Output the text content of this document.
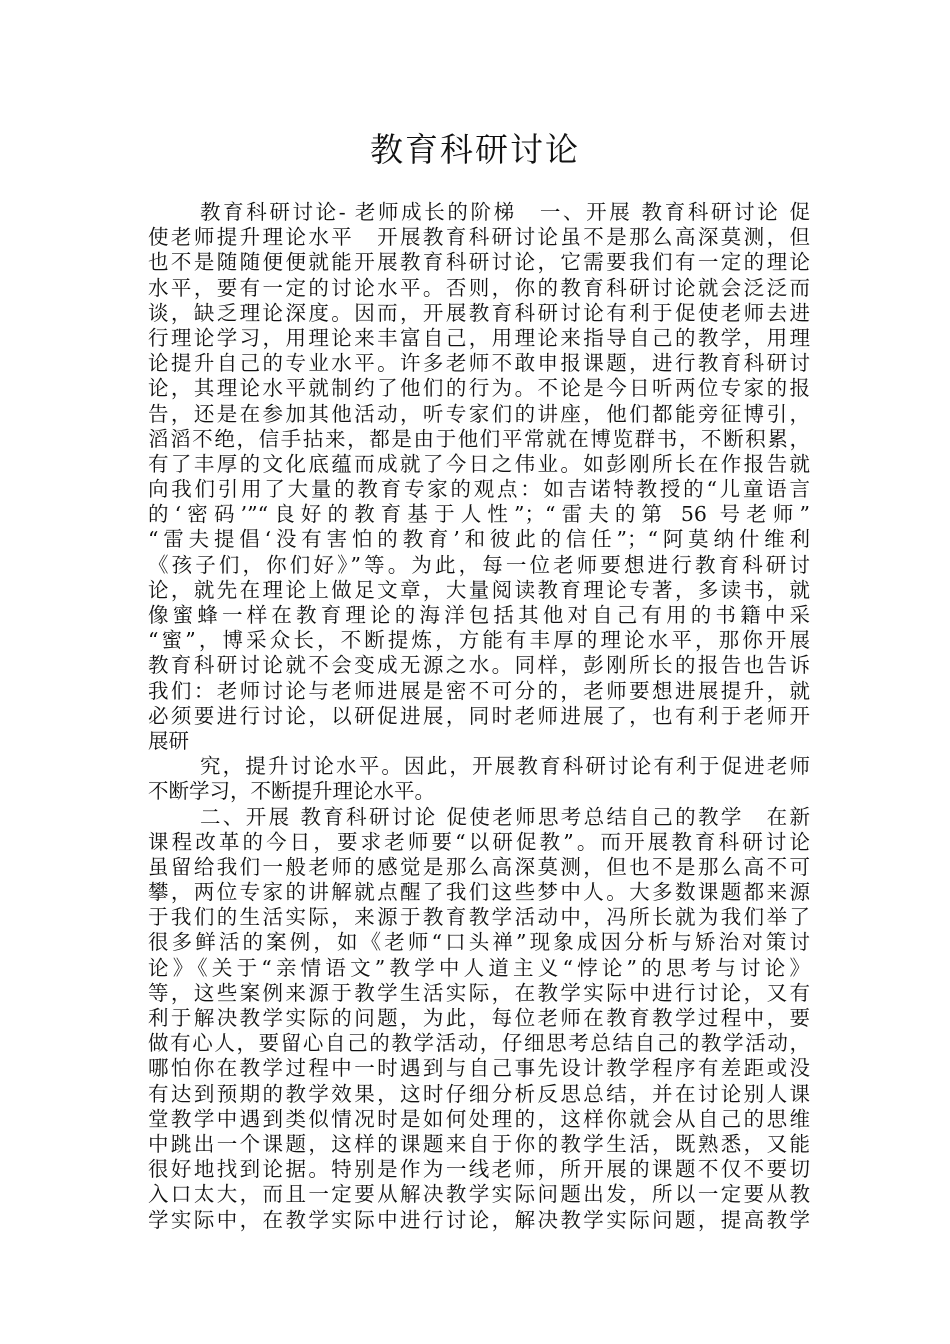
教育科研讨论
教育科研讨论- 老师成长的阶梯　一、开展 教育科研讨论 促
使老师提升理论水平　开展教育科研讨论虽不是那么高深莫测，但
也不是随随便便就能开展教育科研讨论，它需要我们有一定的理论
水平，要有一定的讨论水平。否则，你的教育科研讨论就会泛泛而
谈，缺乏理论深度。因而，开展教育科研讨论有利于促使老师去进
行理论学习，用理论来丰富自己，用理论来指导自己的教学，用理
论提升自己的专业水平。许多老师不敢申报课题，进行教育科研讨
论，其理论水平就制约了他们的行为。不论是今日听两位专家的报
告，还是在参加其他活动，听专家们的讲座，他们都能旁征博引，
滔滔不绝，信手拈来，都是由于他们平常就在博览群书，不断积累，
有了丰厚的文化底蕴而成就了今日之伟业。如彭刚所长在作报告就
向我们引用了大量的教育专家的观点：如吉诺特教授的“儿童语言
的‘密码’”“良好的教育基于人性”；“雷夫的第 56 号老师”
“雷夫提倡‘没有害怕的教育’和彼此的信任”；“阿莫纳什维利
《孩子们，你们好》”等。为此，每一位老师要想进行教育科研讨
论，就先在理论上做足文章，大量阅读教育理论专著，多读书，就
像蜜蜂一样在教育理论的海洋包括其他对自己有用的书籍中采
“蜜”，博采众长，不断提炼，方能有丰厚的理论水平，那你开展
教育科研讨论就不会变成无源之水。同样，彭刚所长的报告也告诉
我们：老师讨论与老师进展是密不可分的，老师要想进展提升，就
必须要进行讨论，以研促进展，同时老师进展了，也有利于老师开
展研
究，提升讨论水平。因此，开展教育科研讨论有利于促进老师
不断学习，不断提升理论水平。
二、开展 教育科研讨论 促使老师思考总结自己的教学　在新
课程改革的今日，要求老师要“以研促教”。而开展教育科研讨论
虽留给我们一般老师的感觉是那么高深莫测，但也不是那么高不可
攀，两位专家的讲解就点醒了我们这些梦中人。大多数课题都来源
于我们的生活实际，来源于教育教学活动中，冯所长就为我们举了
很多鲜活的案例，如《老师“口头禅”现象成因分析与矫治对策讨
论》《关于“亲情语文”教学中人道主义“悖论”的思考与讨论》
等，这些案例来源于教学生活实际，在教学实际中进行讨论，又有
利于解决教学实际的问题，为此，每位老师在教育教学过程中，要
做有心人，要留心自己的教学活动，仔细思考总结自己的教学活动，
哪怕你在教学过程中一时遇到与自己事先设计教学程序有差距或没
有达到预期的教学效果，这时仔细分析反思总结，并在讨论别人课
堂教学中遇到类似情况时是如何处理的，这样你就会从自己的思维
中跳出一个课题，这样的课题来自于你的教学生活，既熟悉，又能
很好地找到论据。特别是作为一线老师，所开展的课题不仅不要切
入口太大，而且一定要从解决教学实际问题出发，所以一定要从教
学实际中，在教学实际中进行讨论，解决教学实际问题，提高教学
